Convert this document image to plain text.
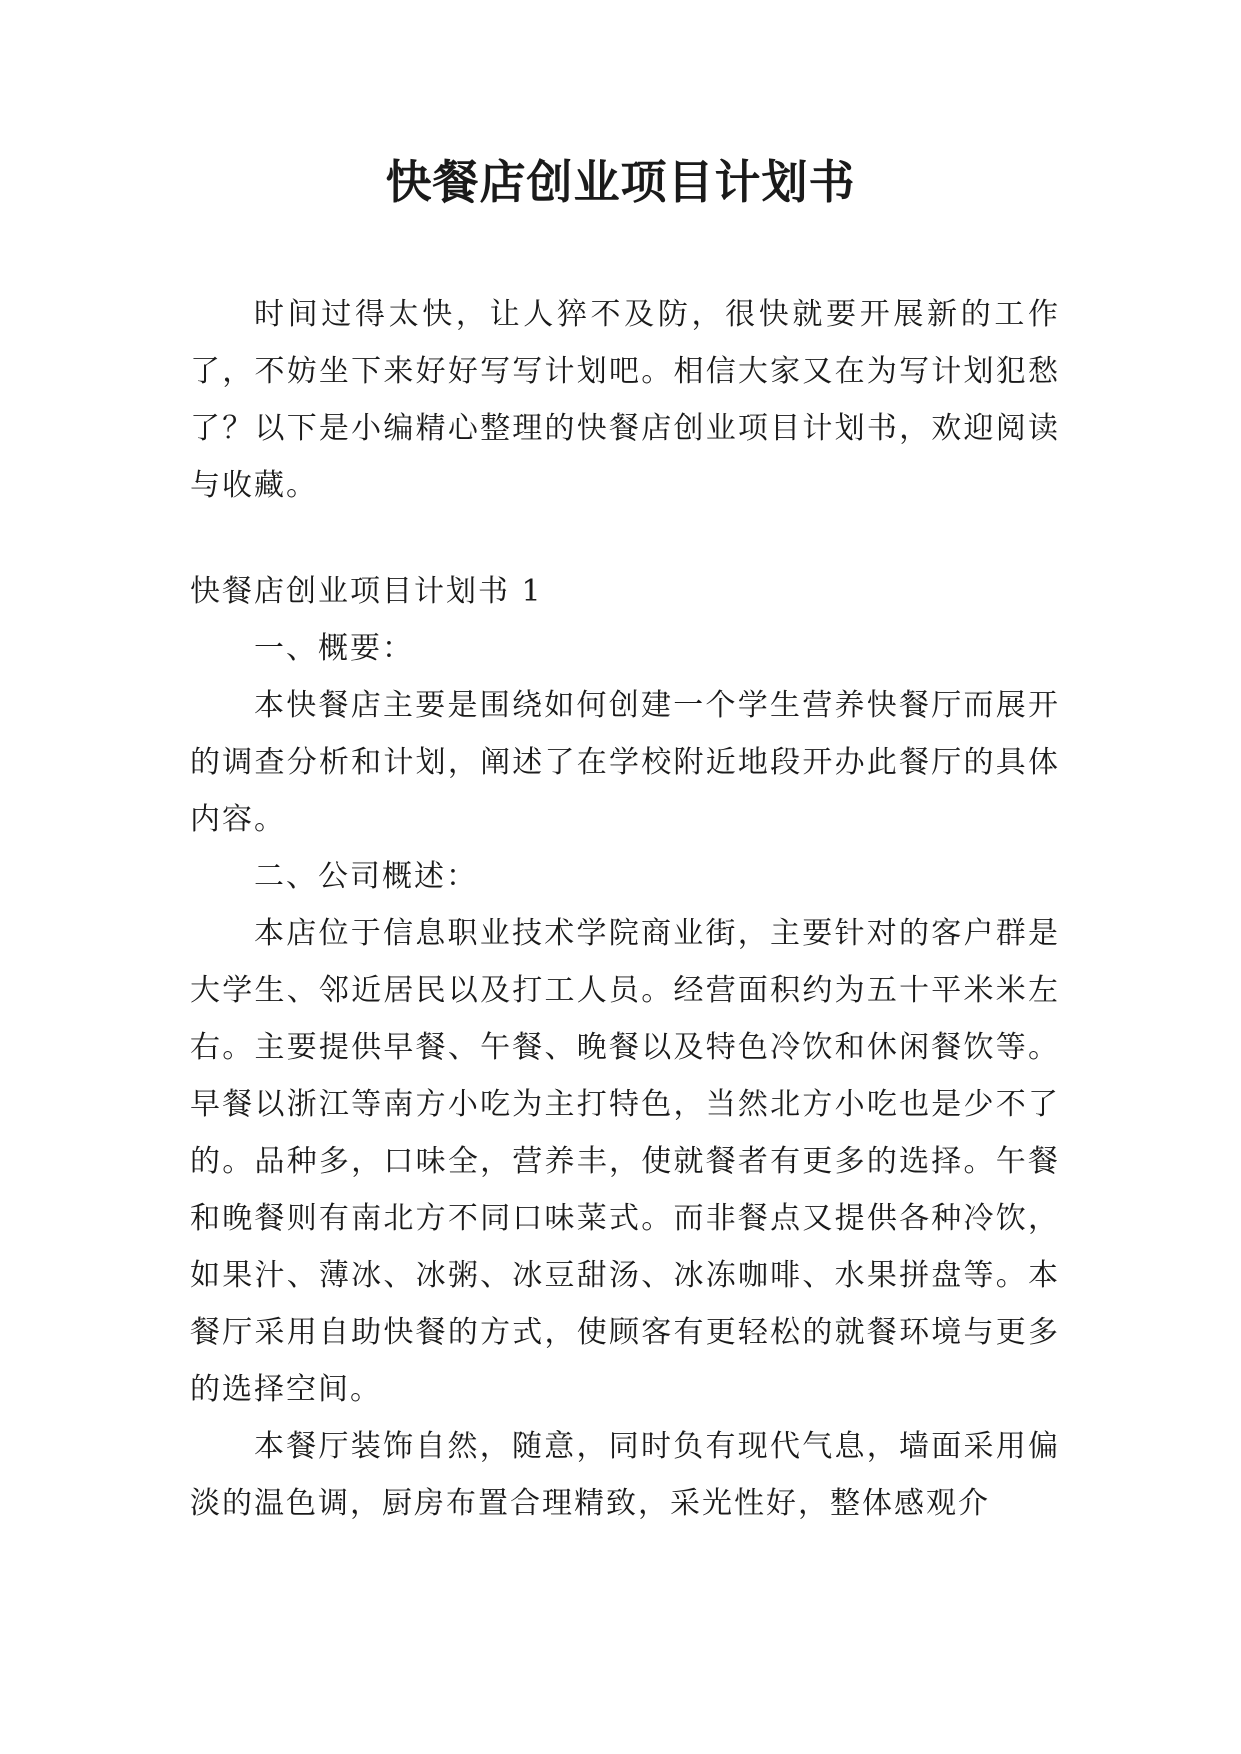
快餐店创业项目计划书

时间过得太快，让人猝不及防，很快就要开展新的工作了，不妨坐下来好好写写计划吧。相信大家又在为写计划犯愁了？以下是小编精心整理的快餐店创业项目计划书，欢迎阅读与收藏。

快餐店创业项目计划书 1

一、概要：

本快餐店主要是围绕如何创建一个学生营养快餐厅而展开的调查分析和计划，阐述了在学校附近地段开办此餐厅的具体内容。

二、公司概述：

本店位于信息职业技术学院商业街，主要针对的客户群是大学生、邻近居民以及打工人员。经营面积约为五十平米米左右。主要提供早餐、午餐、晚餐以及特色冷饮和休闲餐饮等。早餐以浙江等南方小吃为主打特色，当然北方小吃也是少不了的。品种多，口味全，营养丰，使就餐者有更多的选择。午餐和晚餐则有南北方不同口味菜式。而非餐点又提供各种冷饮，如果汁、薄冰、冰粥、冰豆甜汤、冰冻咖啡、水果拼盘等。本餐厅采用自助快餐的方式，使顾客有更轻松的就餐环境与更多的选择空间。

本餐厅装饰自然，随意，同时负有现代气息，墙面采用偏淡的温色调，厨房布置合理精致，采光性好，整体感观介
